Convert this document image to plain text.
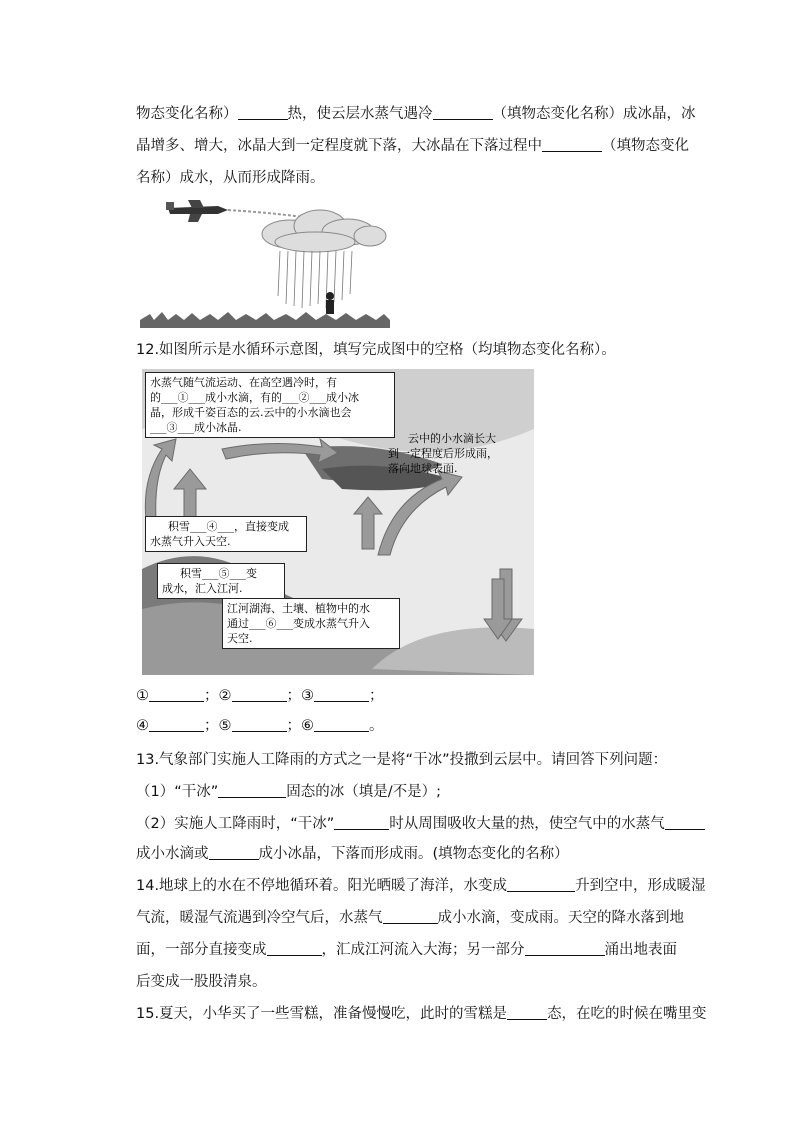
物态变化名称）	热，使云层水蒸气遇冷	（填物态变化名称）成冰晶，冰
晶增多、增大，冰晶大到一定程度就下落，大冰晶在下落过程中	（填物态变化
名称）成水，从而形成降雨。
12.如图所示是水循环示意图，填写完成图中的空格（均填物态变化名称）。
水蒸气随气流运动、在高空遇冷时，有
的___①___成小水滴，有的___②___成小冰
晶，形成千姿百态的云.云中的小水滴也会
___③___成小冰晶.
云中的小水滴长大
到一定程度后形成雨，
落向地球表面.
积雪___④___，直接变成
水蒸气升入天空.
积雪___⑤___变
成水，汇入江河.
江河湖海、土壤、植物中的水
通过___⑥___变成水蒸气升入
天空.
①	；②	；③	；
④	；⑤	；⑥	。
13.气象部门实施人工降雨的方式之一是将“干冰”投撒到云层中。请回答下列问题：
（1）“干冰”	固态的冰（填是/不是）;
（2）实施人工降雨时，“干冰”	时从周围吸收大量的热，使空气中的水蒸气
成小水滴或	成小冰晶，下落而形成雨。(填物态变化的名称）
14.地球上的水在不停地循环着。阳光晒暖了海洋，水变成	升到空中，形成暖湿
气流，暖湿气流遇到冷空气后，水蒸气	成小水滴，变成雨。天空的降水落到地
面，一部分直接变成	，汇成江河流入大海；另一部分	涌出地表面
后变成一股股清泉。
15.夏天，小华买了一些雪糕，准备慢慢吃，此时的雪糕是	态，在吃的时候在嘴里变
